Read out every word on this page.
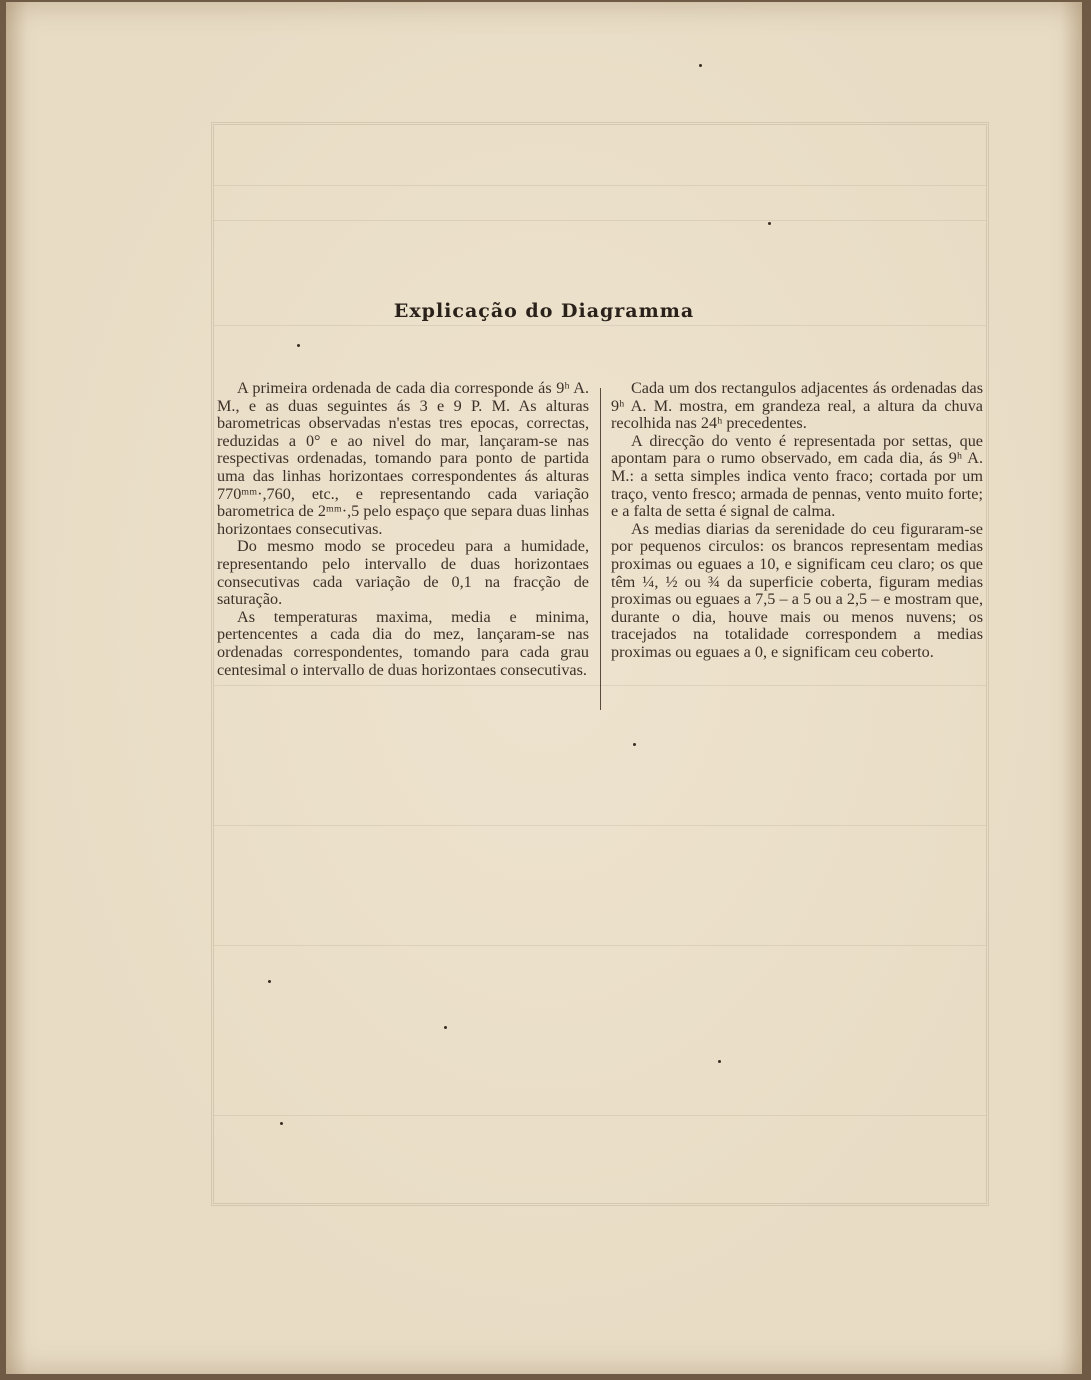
Explicação do Diagramma

A primeira ordenada de cada dia corresponde ás 9ʰ A. M., e as duas seguintes ás 3 e 9 P. M. As alturas barometricas observadas n'estas tres epocas, correctas, reduzidas a 0° e ao nivel do mar, lançaram-se nas respectivas ordenadas, tomando para ponto de partida uma das linhas horizontaes correspondentes ás alturas 770ᵐᵐ·,760, etc., e representando cada variação barometrica de 2ᵐᵐ·,5 pelo espaço que separa duas linhas horizontaes consecutivas.

Do mesmo modo se procedeu para a humidade, representando pelo intervallo de duas horizontaes consecutivas cada variação de 0,1 na fracção de saturação.

As temperaturas maxima, media e minima, pertencentes a cada dia do mez, lançaram-se nas ordenadas correspondentes, tomando para cada grau centesimal o intervallo de duas horizontaes consecutivas.

Cada um dos rectangulos adjacentes ás ordenadas das 9ʰ A. M. mostra, em grandeza real, a altura da chuva recolhida nas 24ʰ precedentes.

A direcção do vento é representada por settas, que apontam para o rumo observado, em cada dia, ás 9ʰ A. M.: a setta simples indica vento fraco; cortada por um traço, vento fresco; armada de pennas, vento muito forte; e a falta de setta é signal de calma.

As medias diarias da serenidade do ceu figuraram-se por pequenos circulos: os brancos representam medias proximas ou eguaes a 10, e significam ceu claro; os que têm ¼, ½ ou ¾ da superficie coberta, figuram medias proximas ou eguaes a 7,5 – a 5 ou a 2,5 – e mostram que, durante o dia, houve mais ou menos nuvens; os tracejados na totalidade correspondem a medias proximas ou eguaes a 0, e significam ceu coberto.
